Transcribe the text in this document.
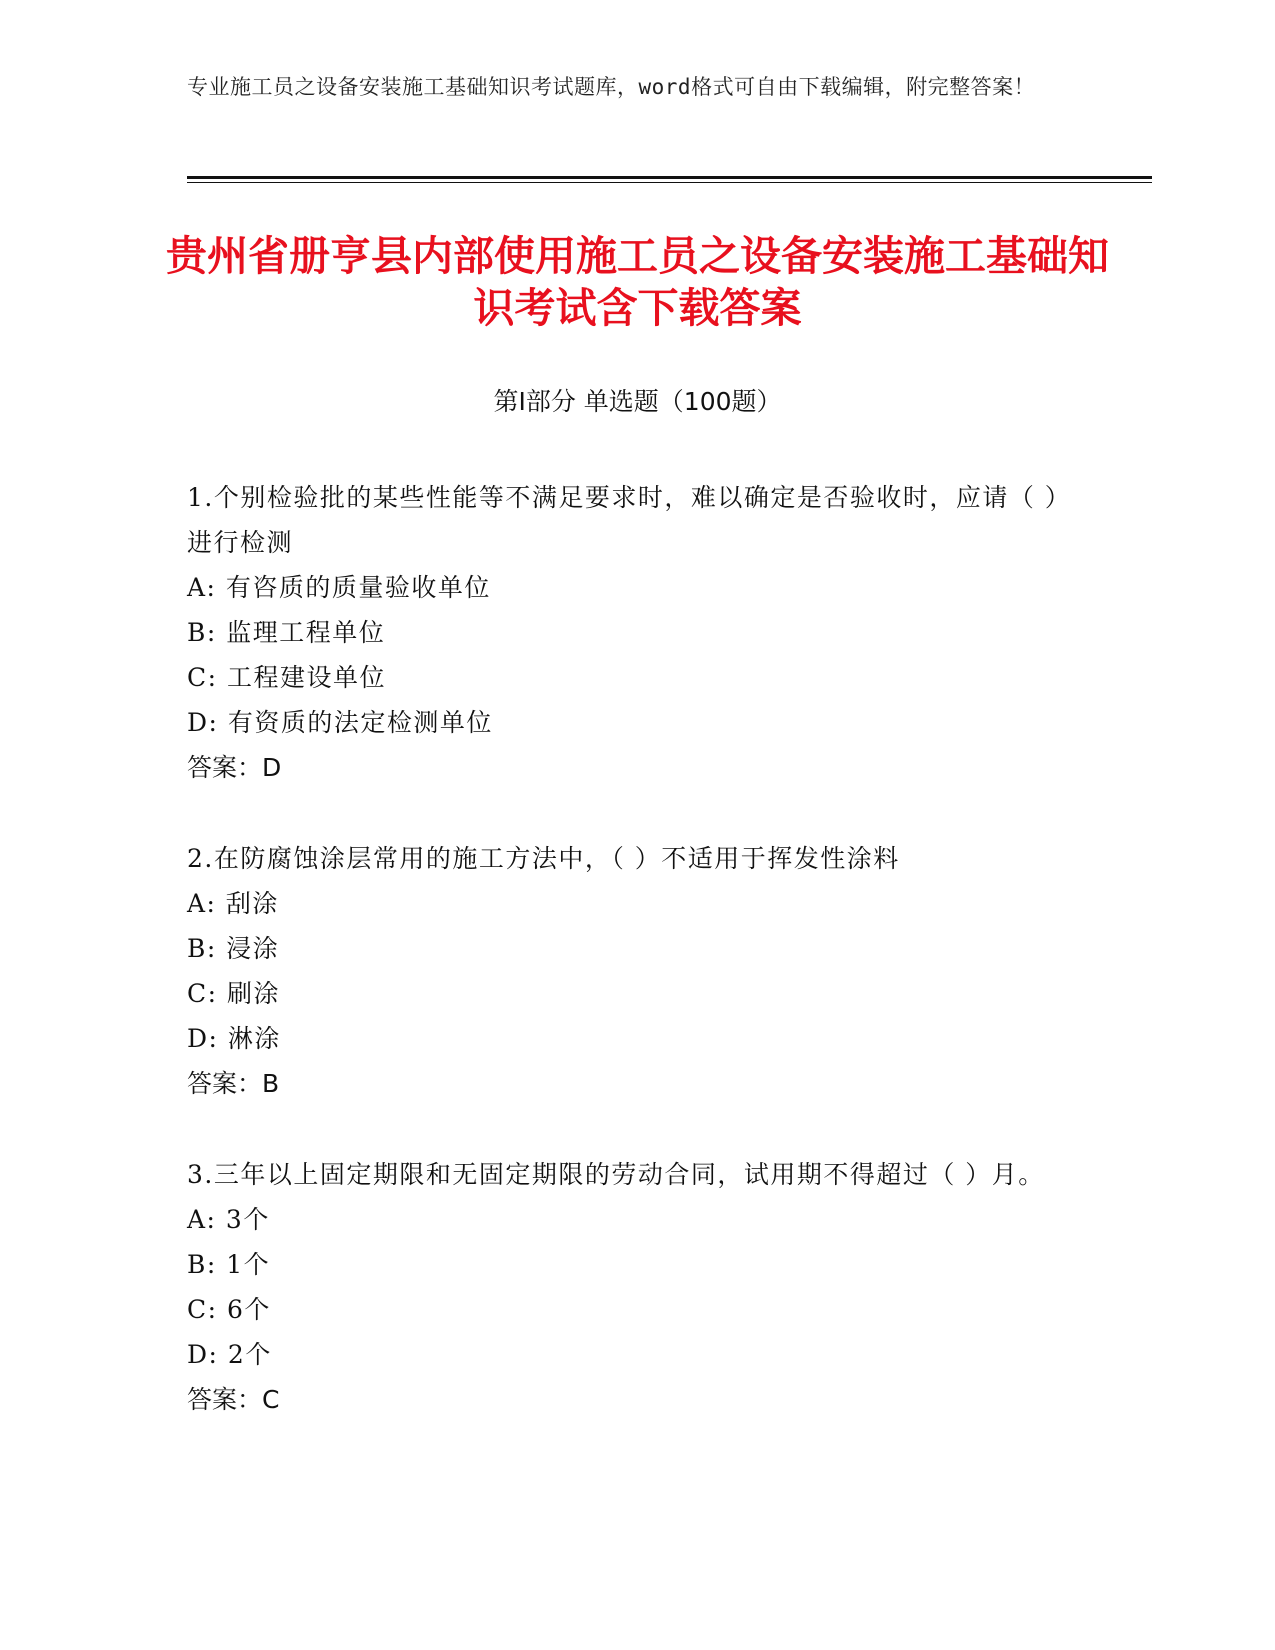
专业施工员之设备安装施工基础知识考试题库，word格式可自由下载编辑，附完整答案！
贵州省册亨县内部使用施工员之设备安装施工基础知识考试含下载答案
第Ⅰ部分 单选题（100题）
1.个别检验批的某些性能等不满足要求时，难以确定是否验收时，应请（ ）进行检测
A: 有咨质的质量验收单位
B: 监理工程单位
C: 工程建设单位
D: 有资质的法定检测单位
答案：D
2.在防腐蚀涂层常用的施工方法中，（ ）不适用于挥发性涂料
A: 刮涂
B: 浸涂
C: 刷涂
D: 淋涂
答案：B
3.三年以上固定期限和无固定期限的劳动合同，试用期不得超过（ ）月。
A: 3个
B: 1个
C: 6个
D: 2个
答案：C
